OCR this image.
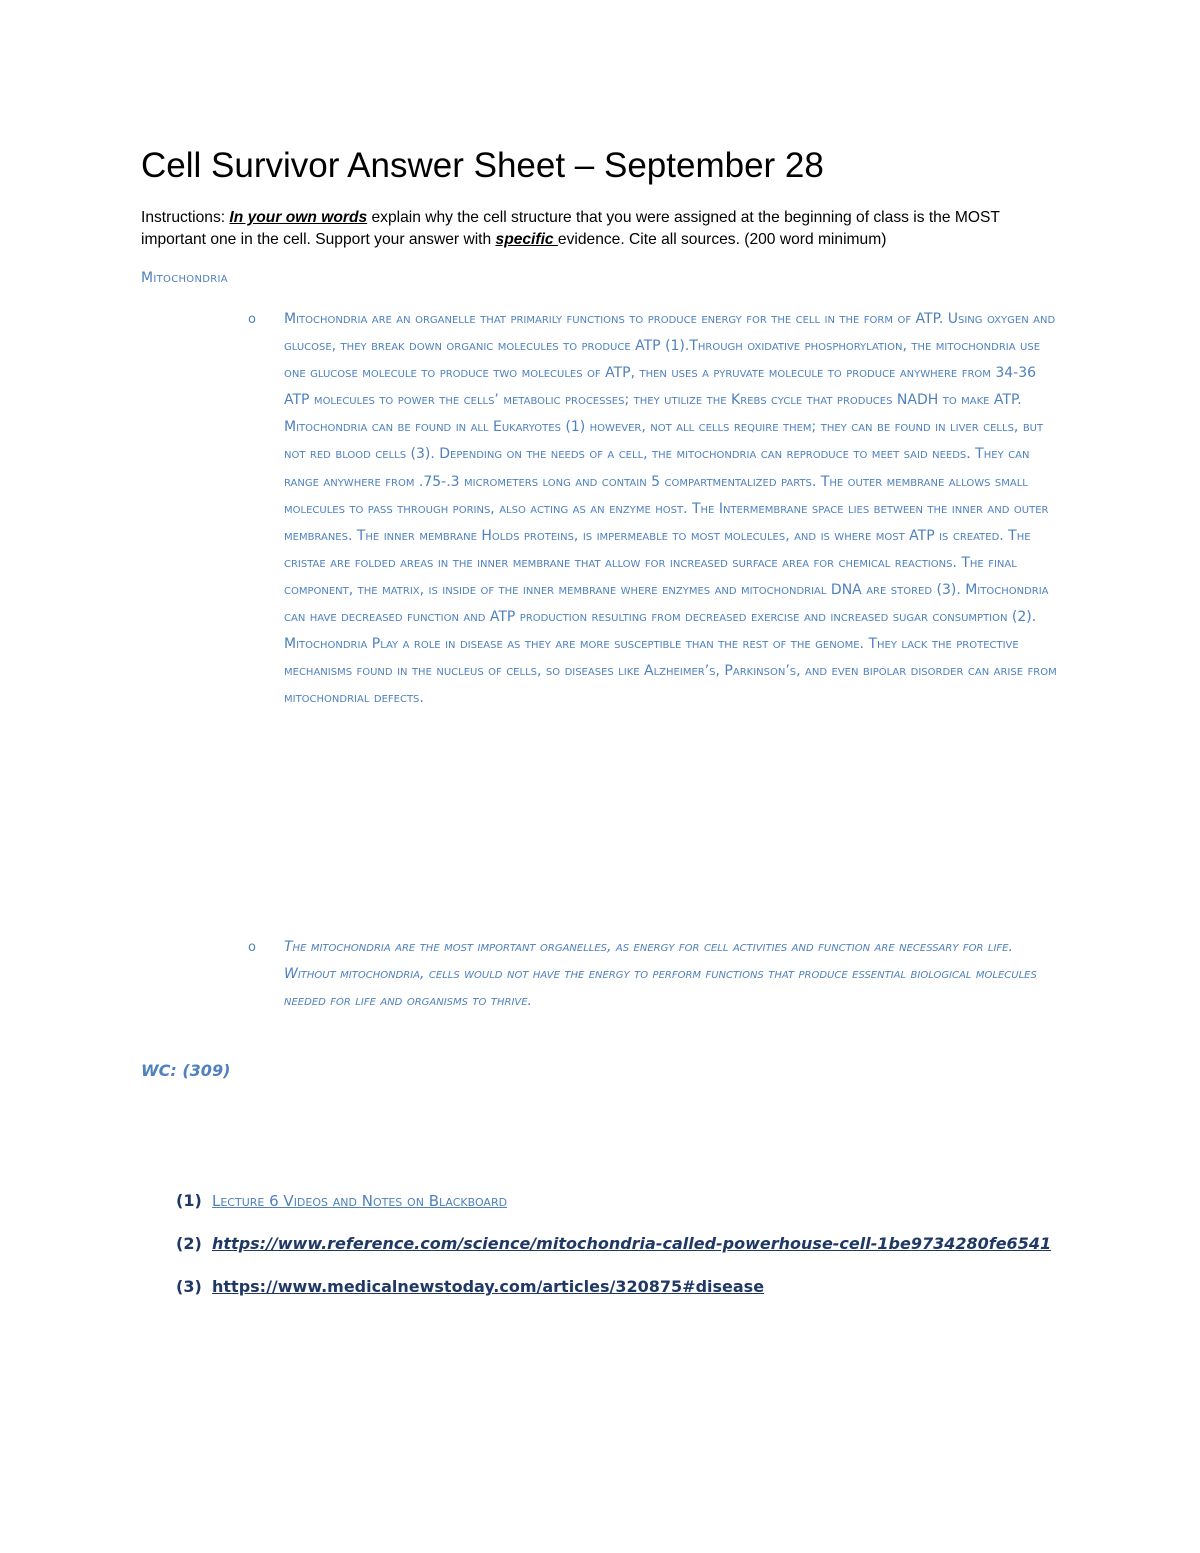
Cell Survivor Answer Sheet – September 28

Instructions: In your own words explain why the cell structure that you were assigned at the beginning of class is the MOST important one in the cell. Support your answer with specific evidence. Cite all sources. (200 word minimum)

Mitochondria

o Mitochondria are an organelle that primarily functions to produce energy for the cell in the form of ATP. Using oxygen and glucose, they break down organic molecules to produce ATP (1).Through oxidative phosphorylation, the mitochondria use one glucose molecule to produce two molecules of ATP, then uses a pyruvate molecule to produce anywhere from 34-36 ATP molecules to power the cells’ metabolic processes; they utilize the Krebs cycle that produces NADH to make ATP. Mitochondria can be found in all Eukaryotes (1) however, not all cells require them; they can be found in liver cells, but not red blood cells (3). Depending on the needs of a cell, the mitochondria can reproduce to meet said needs. They can range anywhere from .75-.3 micrometers long and contain 5 compartmentalized parts. The outer membrane allows small molecules to pass through porins, also acting as an enzyme host. The Intermembrane space lies between the inner and outer membranes. The inner membrane Holds proteins, is impermeable to most molecules, and is where most ATP is created. The cristae are folded areas in the inner membrane that allow for increased surface area for chemical reactions. The final component, the matrix, is inside of the inner membrane where enzymes and mitochondrial DNA are stored (3). Mitochondria can have decreased function and ATP production resulting from decreased exercise and increased sugar consumption (2). Mitochondria Play a role in disease as they are more susceptible than the rest of the genome. They lack the protective mechanisms found in the nucleus of cells, so diseases like Alzheimer’s, Parkinson’s, and even bipolar disorder can arise from mitochondrial defects.

o The mitochondria are the most important organelles, as energy for cell activities and function are necessary for life. Without mitochondria, cells would not have the energy to perform functions that produce essential biological molecules needed for life and organisms to thrive.

WC: (309)

(1) Lecture 6 Videos and Notes on Blackboard
(2) https://www.reference.com/science/mitochondria-called-powerhouse-cell-1be9734280fe6541
(3) https://www.medicalnewstoday.com/articles/320875#disease
